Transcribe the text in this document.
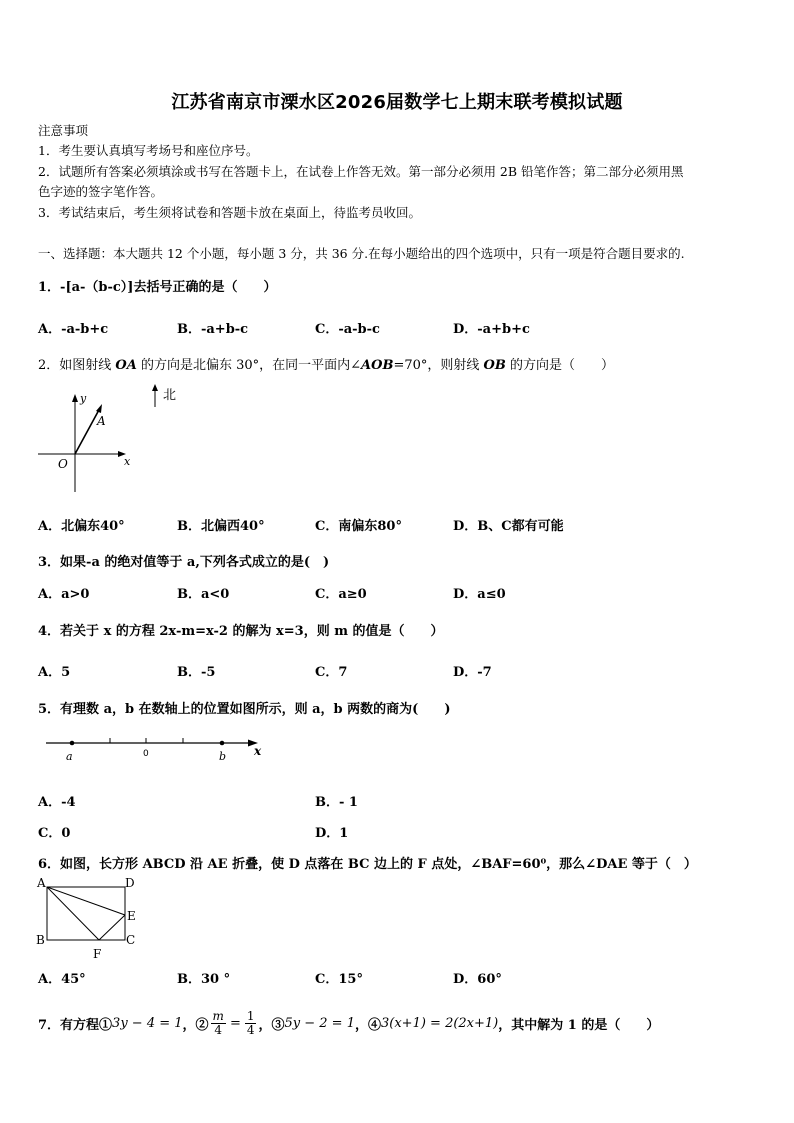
江苏省南京市溧水区2026届数学七上期末联考模拟试题
注意事项
1．考生要认真填写考场号和座位序号。
2．试题所有答案必须填涂或书写在答题卡上，在试卷上作答无效。第一部分必须用 2B 铅笔作答；第二部分必须用黑
色字迹的签字笔作答。
3．考试结束后，考生须将试卷和答题卡放在桌面上，待监考员收回。
一、选择题：本大题共 12 个小题，每小题 3 分，共 36 分.在每小题给出的四个选项中，只有一项是符合题目要求的.
1．-[a-（b-c）]去括号正确的是（　　）
A．-a-b+c	B．-a+b-c	C．-a-b-c	D．-a+b+c
2．如图射线 OA 的方向是北偏东 30°，在同一平面内∠AOB=70°，则射线 OB 的方向是（　　）
y
x
O
A
北
A．北偏东40°	B．北偏西40°	C．南偏东80°	D．B、C都有可能
3．如果-a 的绝对值等于 a,下列各式成立的是(　)
A．a>0	B．a<0	C．a≥0	D．a≤0
4．若关于 x 的方程 2x-m=x-2 的解为 x=3，则 m 的值是（　　）
A．5	B．-5	C．7	D．-7
5．有理数 a，b 在数轴上的位置如图所示，则 a，b 两数的商为(　　)
a	0	b x
A．-4	B．- 1
C．0	D．1
6．如图，长方形 ABCD 沿 AE 折叠，使 D 点落在 BC 边上的 F 点处，∠BAF=60⁰，那么∠DAE 等于（　）
A	D
B	C
E
F
A．45°	B．30 °	C．15°	D．60°
7．有方程① 3y − 4 = 1 ，② $\frac{m}{4} = \frac{1}{4}$ ，③ 5y − 2 = 1 ，④ 3(x+1) = 2(2x+1) ，其中解为 1 的是（　　）
